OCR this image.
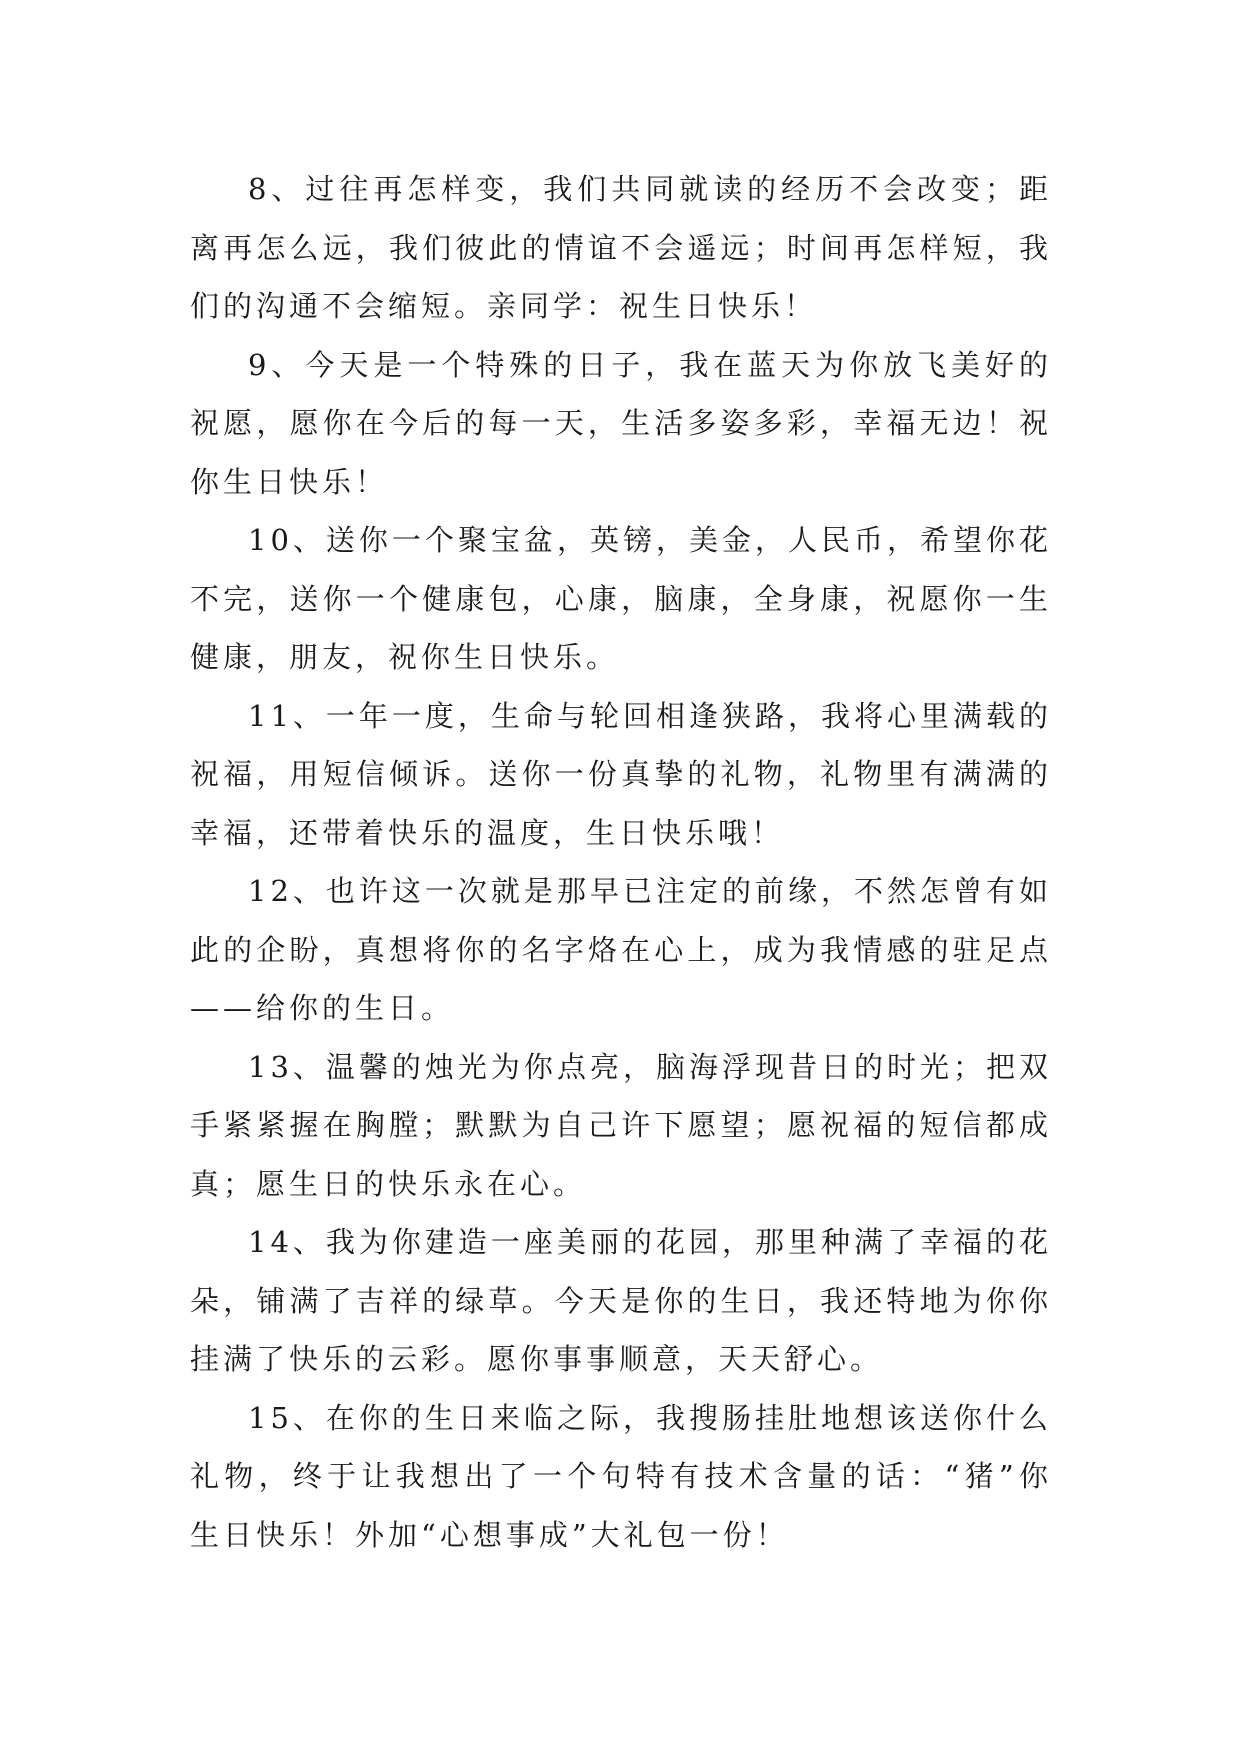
8、过往再怎样变，我们共同就读的经历不会改变；距离再怎么远，我们彼此的情谊不会遥远；时间再怎样短，我们的沟通不会缩短。亲同学：祝生日快乐！

9、今天是一个特殊的日子，我在蓝天为你放飞美好的祝愿，愿你在今后的每一天，生活多姿多彩，幸福无边！祝你生日快乐！

10、送你一个聚宝盆，英镑，美金，人民币，希望你花不完，送你一个健康包，心康，脑康，全身康，祝愿你一生健康，朋友，祝你生日快乐。

11、一年一度，生命与轮回相逢狭路，我将心里满载的祝福，用短信倾诉。送你一份真挚的礼物，礼物里有满满的幸福，还带着快乐的温度，生日快乐哦！

12、也许这一次就是那早已注定的前缘，不然怎曾有如此的企盼，真想将你的名字烙在心上，成为我情感的驻足点——给你的生日。

13、温馨的烛光为你点亮，脑海浮现昔日的时光；把双手紧紧握在胸膛；默默为自己许下愿望；愿祝福的短信都成真；愿生日的快乐永在心。

14、我为你建造一座美丽的花园，那里种满了幸福的花朵，铺满了吉祥的绿草。今天是你的生日，我还特地为你你挂满了快乐的云彩。愿你事事顺意，天天舒心。

15、在你的生日来临之际，我搜肠挂肚地想该送你什么礼物，终于让我想出了一个句特有技术含量的话：“猪”你生日快乐！外加“心想事成”大礼包一份！
